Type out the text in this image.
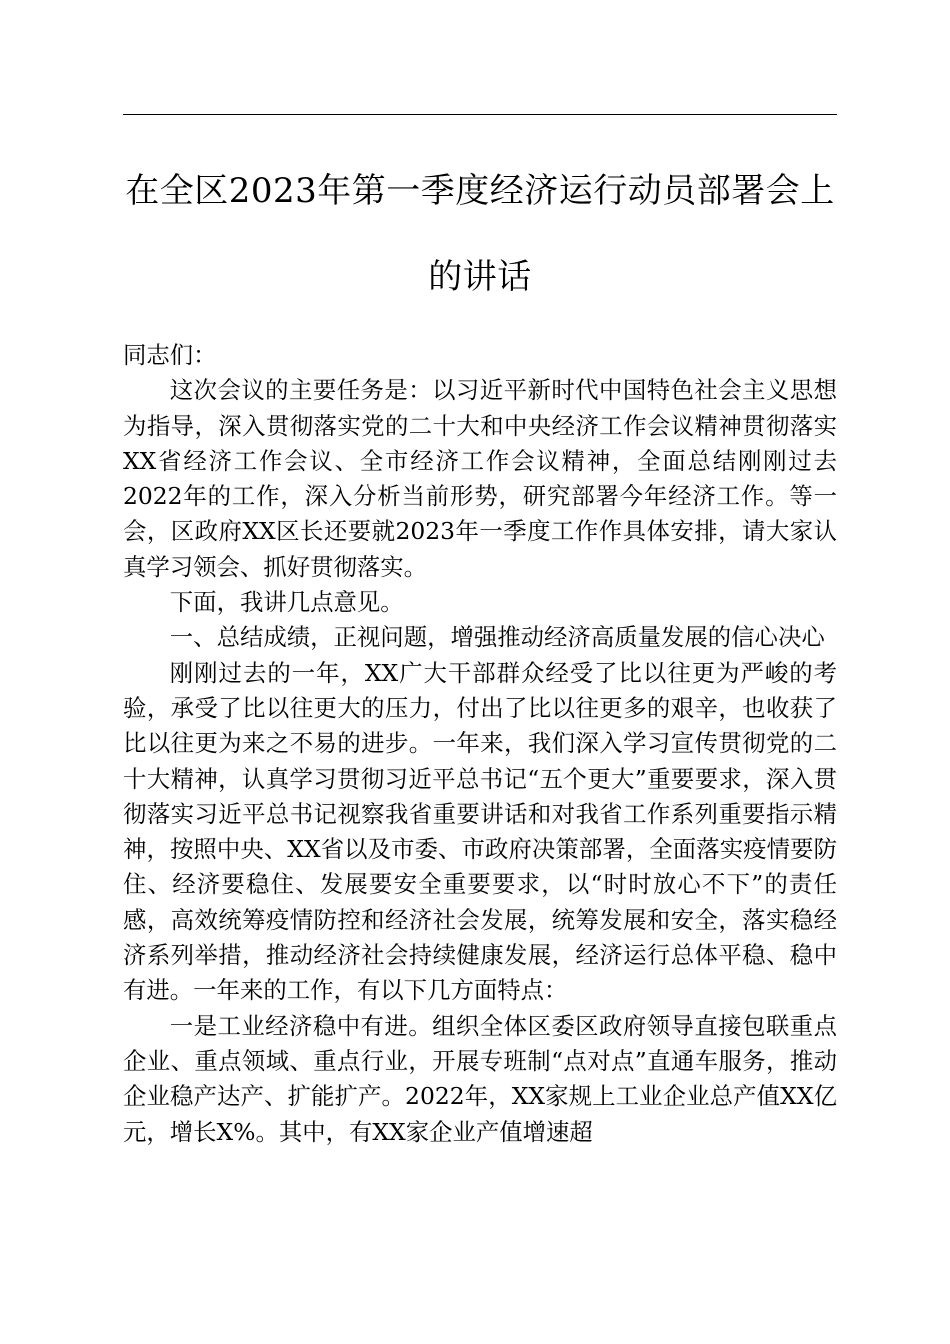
在全区2023年第一季度经济运行动员部署会上的讲话

同志们：

这次会议的主要任务是：以习近平新时代中国特色社会主义思想为指导，深入贯彻落实党的二十大和中央经济工作会议精神贯彻落实XX省经济工作会议、全市经济工作会议精神，全面总结刚刚过去2022年的工作，深入分析当前形势，研究部署今年经济工作。等一会，区政府XX区长还要就2023年一季度工作作具体安排，请大家认真学习领会、抓好贯彻落实。

下面，我讲几点意见。

一、总结成绩，正视问题，增强推动经济高质量发展的信心决心

刚刚过去的一年，XX广大干部群众经受了比以往更为严峻的考验，承受了比以往更大的压力，付出了比以往更多的艰辛，也收获了比以往更为来之不易的进步。一年来，我们深入学习宣传贯彻党的二十大精神，认真学习贯彻习近平总书记“五个更大”重要要求，深入贯彻落实习近平总书记视察我省重要讲话和对我省工作系列重要指示精神，按照中央、XX省以及市委、市政府决策部署，全面落实疫情要防住、经济要稳住、发展要安全重要要求，以“时时放心不下”的责任感，高效统筹疫情防控和经济社会发展，统筹发展和安全，落实稳经济系列举措，推动经济社会持续健康发展，经济运行总体平稳、稳中有进。一年来的工作，有以下几方面特点：

一是工业经济稳中有进。组织全体区委区政府领导直接包联重点企业、重点领域、重点行业，开展专班制“点对点”直通车服务，推动企业稳产达产、扩能扩产。2022年，XX家规上工业企业总产值XX亿元，增长X%。其中，有XX家企业产值增速超
